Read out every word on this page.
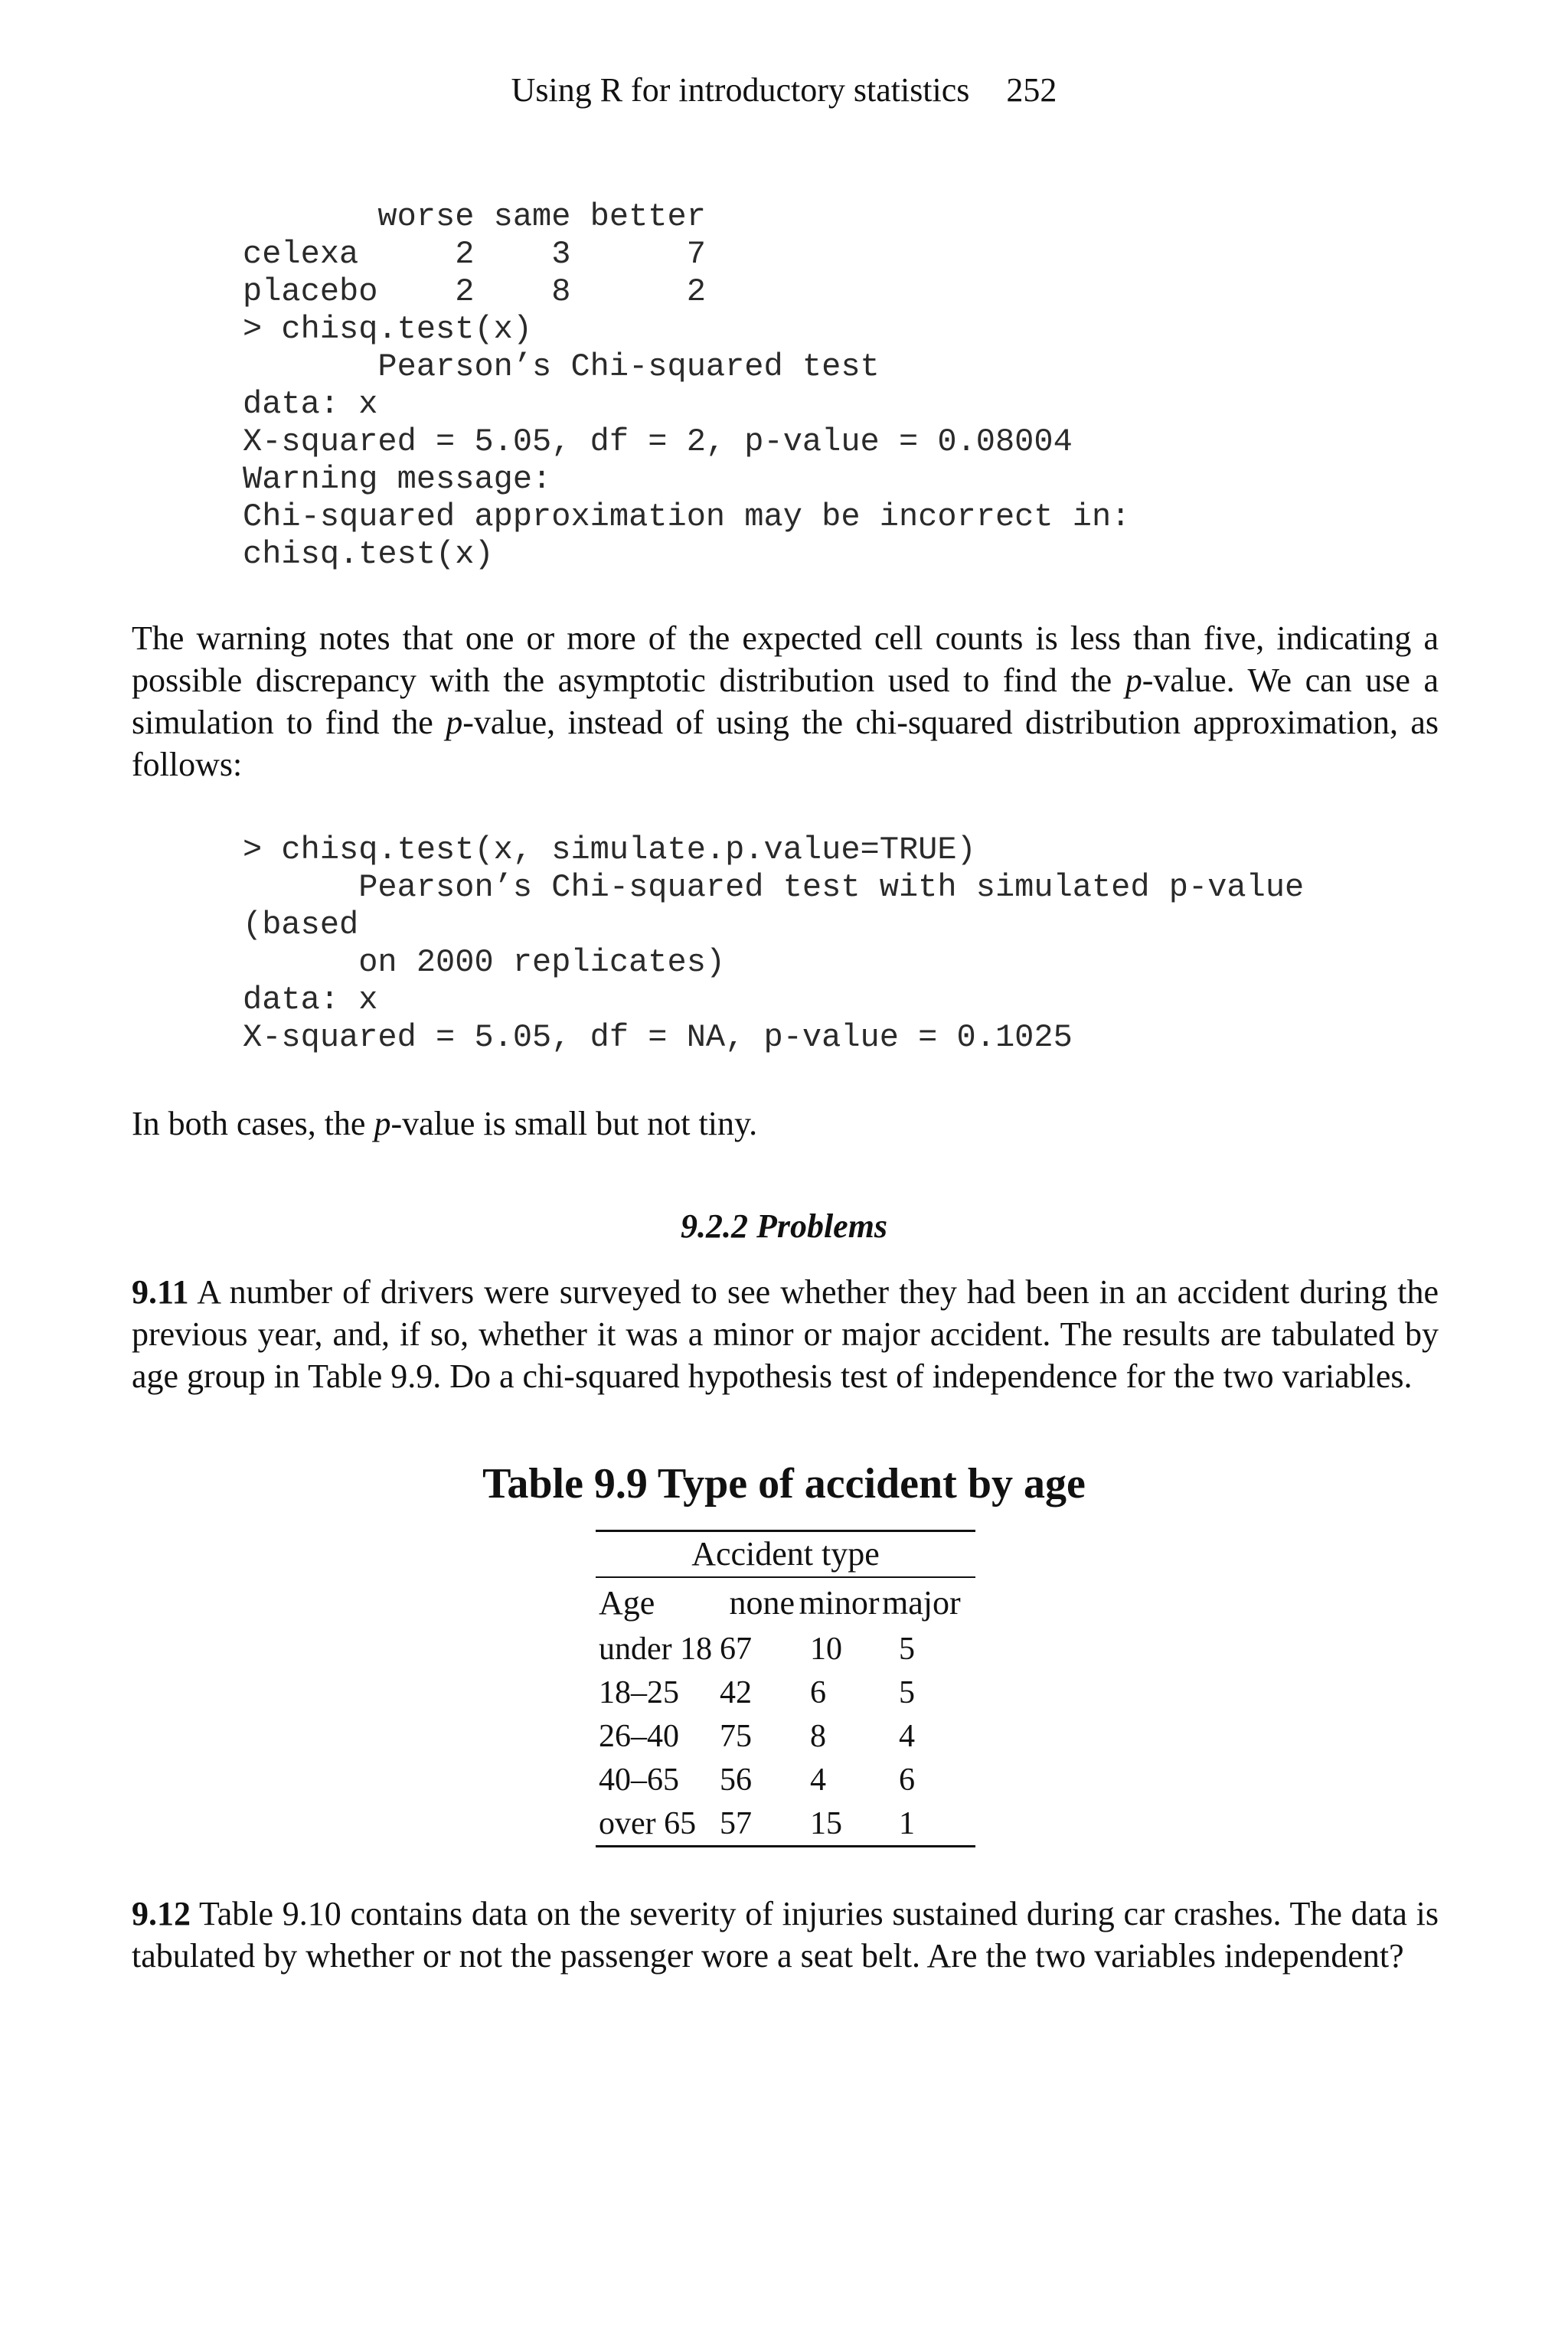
Using R for introductory statistics 252
worse same better
celexa     2    3      7
placebo    2    8      2
> chisq.test(x)
Pearson’s Chi-squared test
data: x
X-squared = 5.05, df = 2, p-value = 0.08004
Warning message:
Chi-squared approximation may be incorrect in:
chisq.test(x)

The warning notes that one or more of the expected cell counts is less than five, indicating a possible discrepancy with the asymptotic distribution used to find the p-value. We can use a simulation to find the p-value, instead of using the chi-squared distribution approximation, as follows:

> chisq.test(x, simulate.p.value=TRUE)
Pearson’s Chi-squared test with simulated p-value
(based
on 2000 replicates)
data: x
X-squared = 5.05, df = NA, p-value = 0.1025

In both cases, the p-value is small but not tiny.

9.2.2 Problems

9.11 A number of drivers were surveyed to see whether they had been in an accident during the previous year, and, if so, whether it was a minor or major accident. The results are tabulated by age group in Table 9.9. Do a chi-squared hypothesis test of independence for the two variables.

Table 9.9 Type of accident by age
Accident type
Age	none minor major
under 18 67	10	5
18–25	42	6	5
26–40	75	8	4
40–65	56	4	6
over 65 57	15	1

9.12 Table 9.10 contains data on the severity of injuries sustained during car crashes. The data is tabulated by whether or not the passenger wore a seat belt. Are the two variables independent?
